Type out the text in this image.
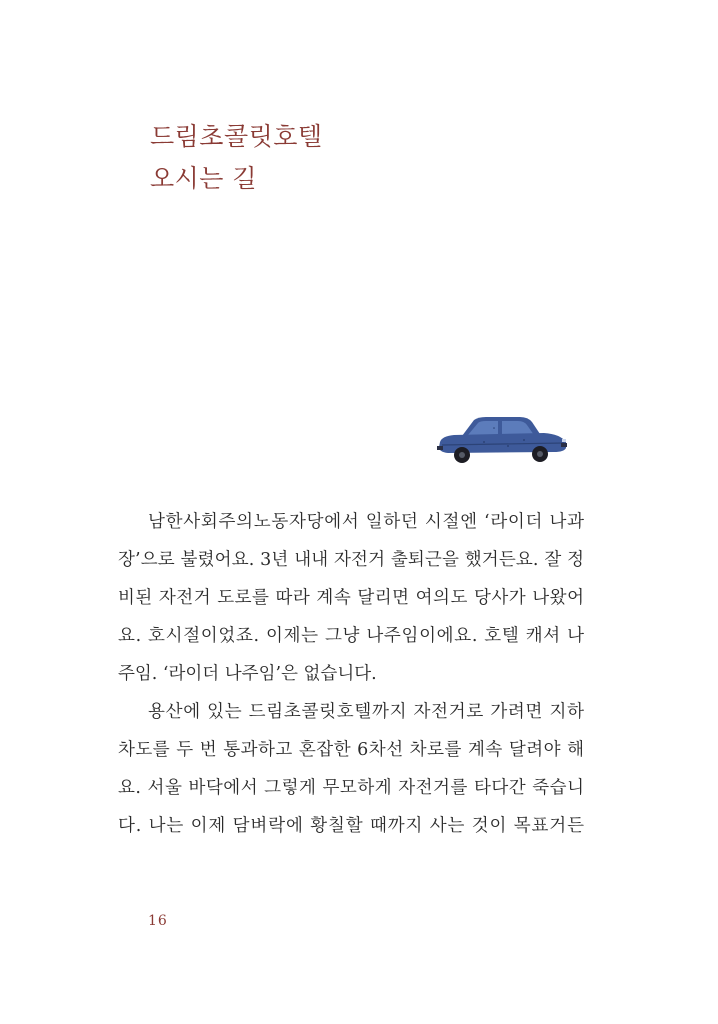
드림초콜릿호텔
오시는 길
남한사회주의노동자당에서 일하던 시절엔 ‘라이더 나과
장’으로 불렸어요. 3년 내내 자전거 출퇴근을 했거든요. 잘 정
비된 자전거 도로를 따라 계속 달리면 여의도 당사가 나왔어
요. 호시절이었죠. 이제는 그냥 나주임이에요. 호텔 캐셔 나
주임. ‘라이더 나주임’은 없습니다.
용산에 있는 드림초콜릿호텔까지 자전거로 가려면 지하
차도를 두 번 통과하고 혼잡한 6차선 차로를 계속 달려야 해
요. 서울 바닥에서 그렇게 무모하게 자전거를 타다간 죽습니
다. 나는 이제 담벼락에 황칠할 때까지 사는 것이 목표거든
16
